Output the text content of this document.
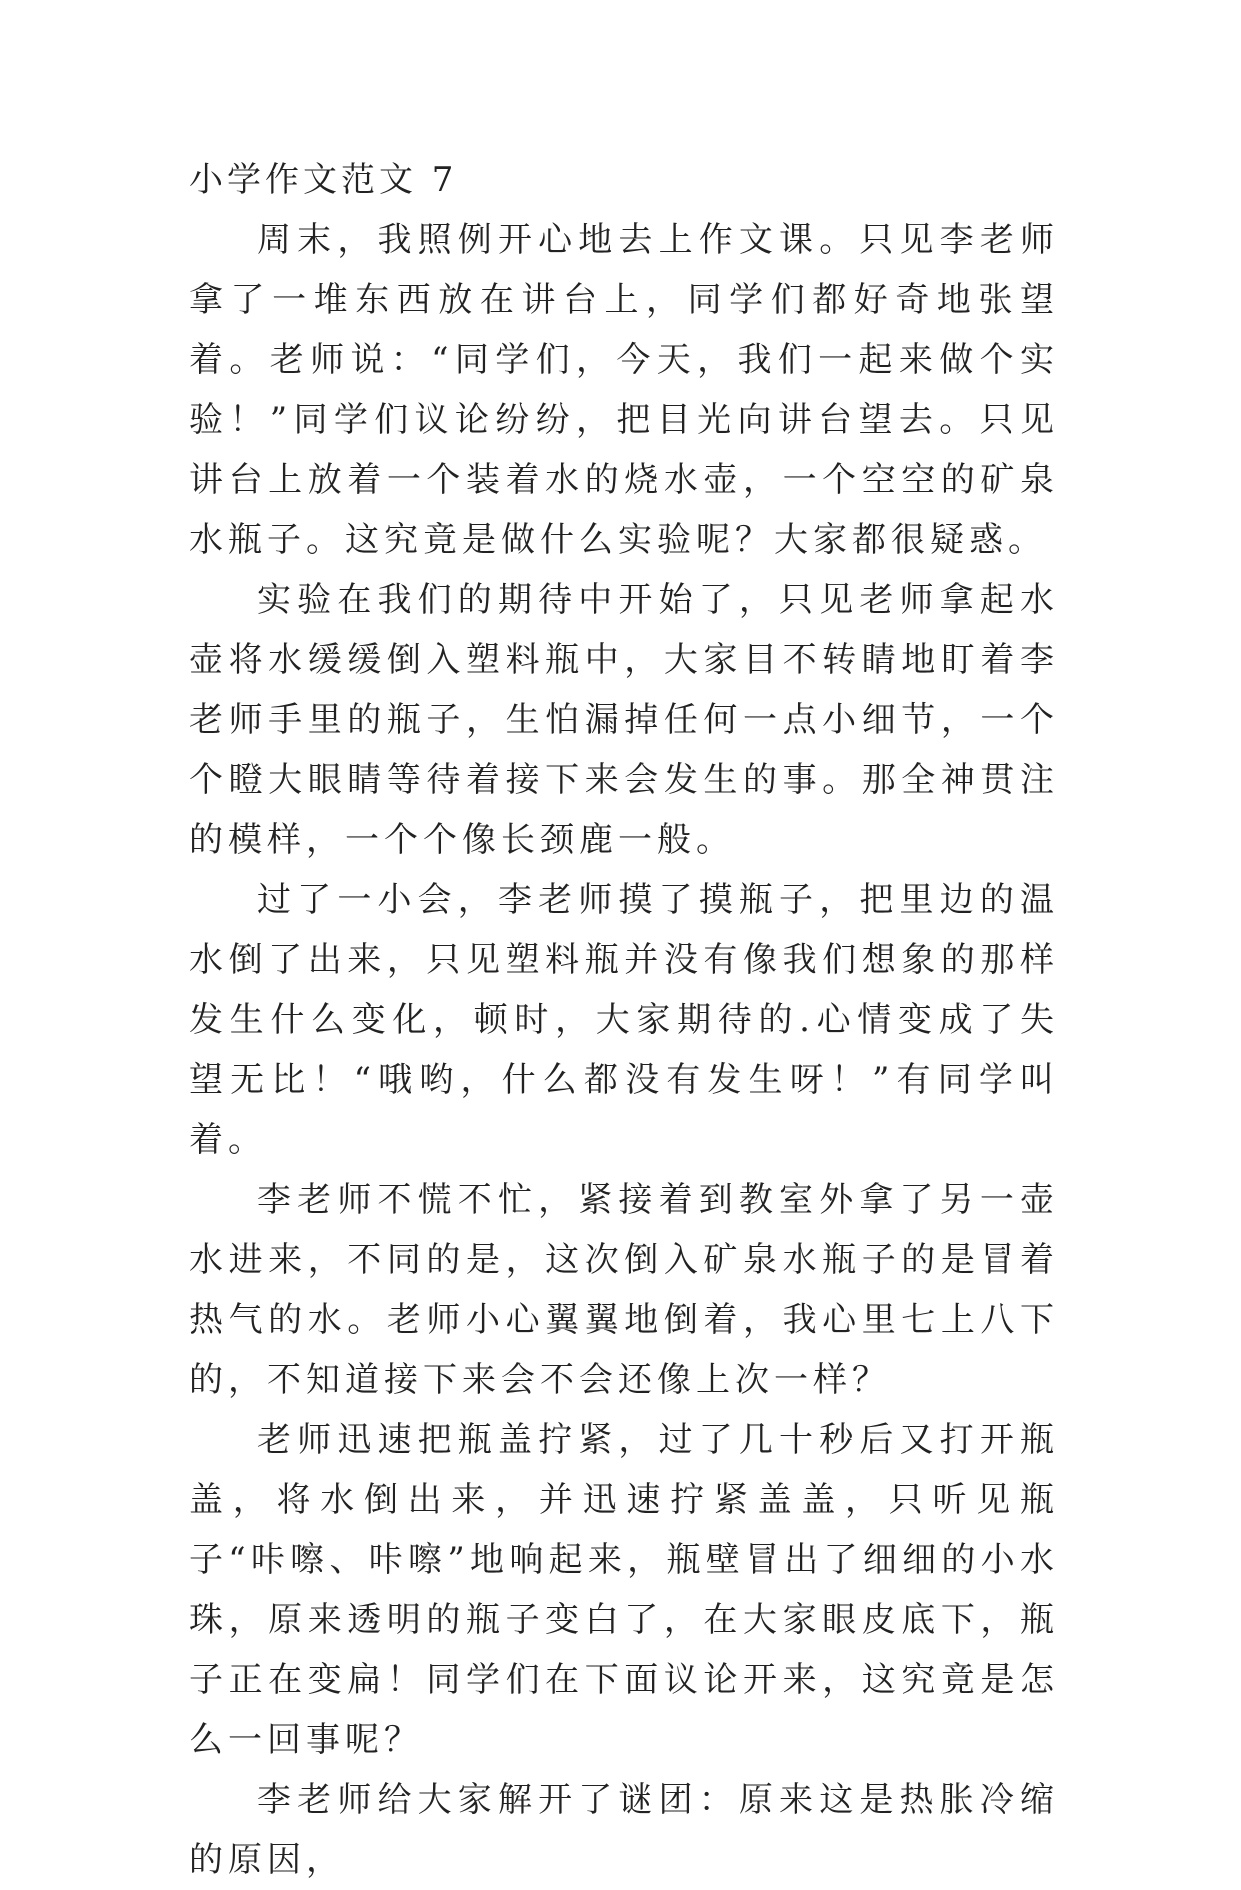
小学作文范文 7

周末，我照例开心地去上作文课。只见李老师拿了一堆东西放在讲台上，同学们都好奇地张望着。老师说：“同学们，今天，我们一起来做个实验！”同学们议论纷纷，把目光向讲台望去。只见讲台上放着一个装着水的烧水壶，一个空空的矿泉水瓶子。这究竟是做什么实验呢？大家都很疑惑。

实验在我们的期待中开始了，只见老师拿起水壶将水缓缓倒入塑料瓶中，大家目不转睛地盯着李老师手里的瓶子，生怕漏掉任何一点小细节，一个个瞪大眼睛等待着接下来会发生的事。那全神贯注的模样，一个个像长颈鹿一般。

过了一小会，李老师摸了摸瓶子，把里边的温水倒了出来，只见塑料瓶并没有像我们想象的那样发生什么变化，顿时，大家期待的.心情变成了失望无比！“哦哟，什么都没有发生呀！”有同学叫着。

李老师不慌不忙，紧接着到教室外拿了另一壶水进来，不同的是，这次倒入矿泉水瓶子的是冒着热气的水。老师小心翼翼地倒着，我心里七上八下的，不知道接下来会不会还像上次一样？

老师迅速把瓶盖拧紧，过了几十秒后又打开瓶盖，将水倒出来，并迅速拧紧盖盖，只听见瓶子“咔嚓、咔嚓”地响起来，瓶壁冒出了细细的小水珠，原来透明的瓶子变白了，在大家眼皮底下，瓶子正在变扁！同学们在下面议论开来，这究竟是怎么一回事呢？

李老师给大家解开了谜团：原来这是热胀冷缩的原因，
